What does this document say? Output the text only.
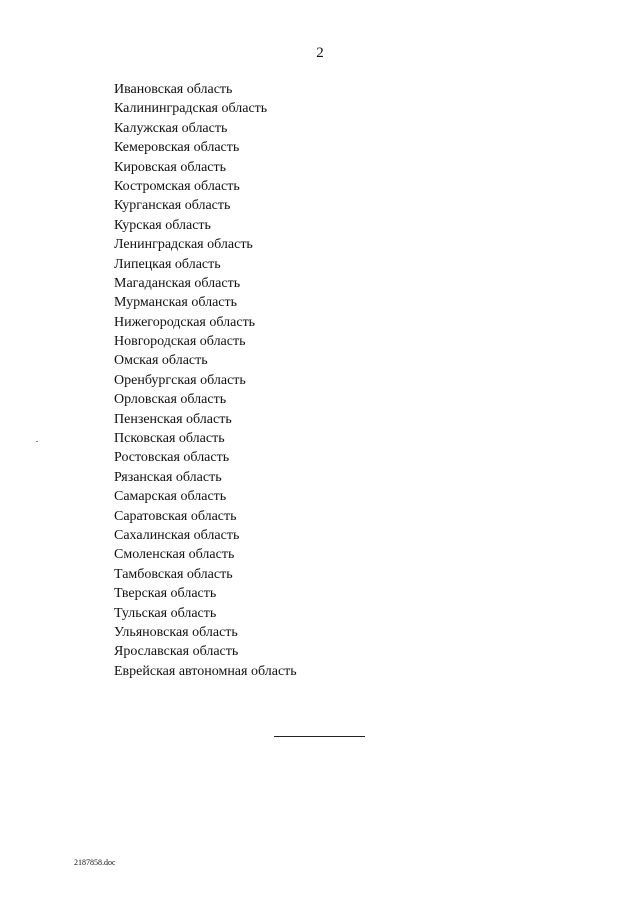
2
Ивановская область
Калининградская область
Калужская область
Кемеровская область
Кировская область
Костромская область
Курганская область
Курская область
Ленинградская область
Липецкая область
Магаданская область
Мурманская область
Нижегородская область
Новгородская область
Омская область
Оренбургская область
Орловская область
Пензенская область
Псковская область
Ростовская область
Рязанская область
Самарская область
Саратовская область
Сахалинская область
Смоленская область
Тамбовская область
Тверская область
Тульская область
Ульяновская область
Ярославская область
Еврейская автономная область
2187858.doc
